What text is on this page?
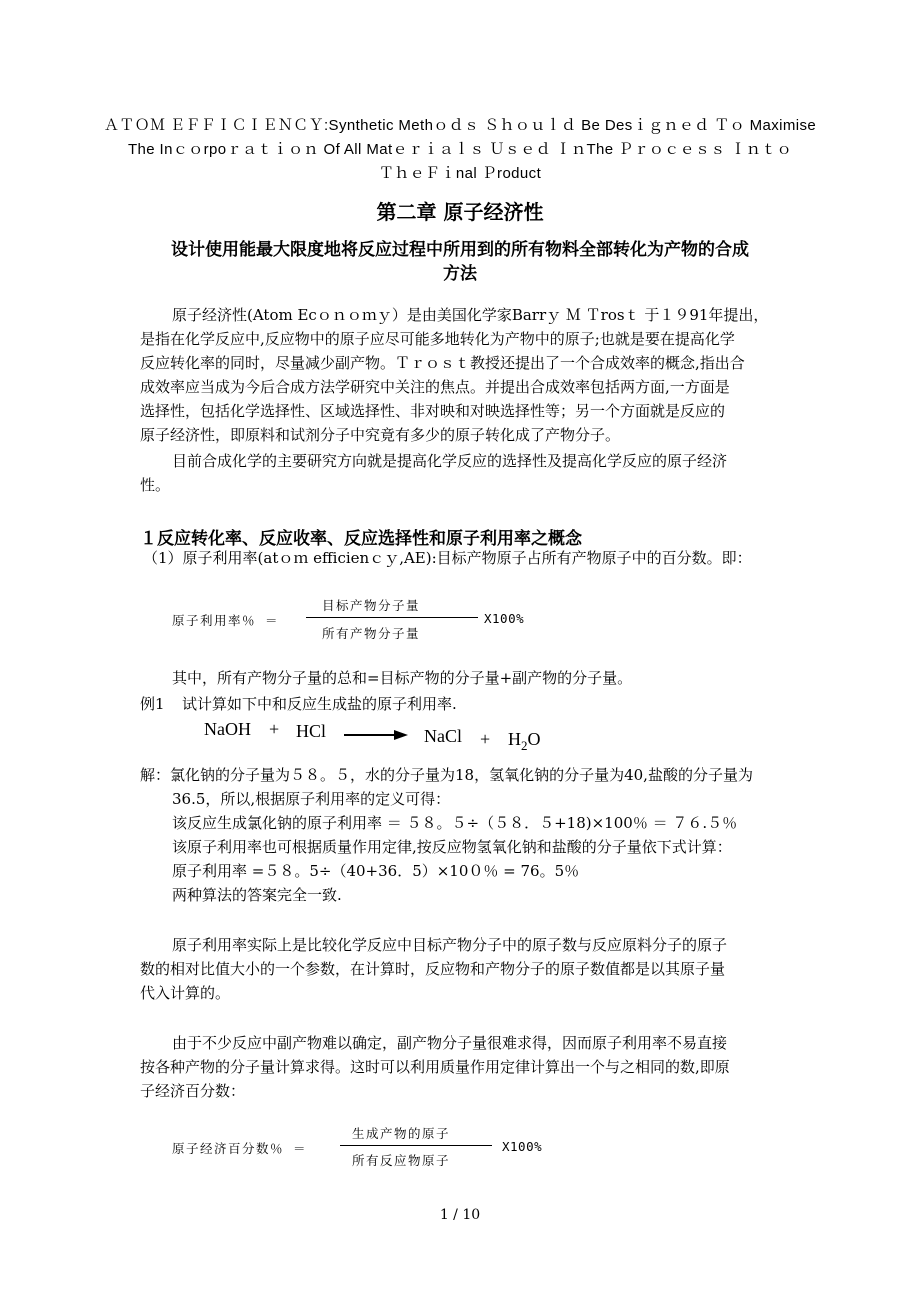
ＡＴＯＭ ＥＦＦＩＣＩＥＮＣＹ:Synthetic Methｏｄｓ Ｓｈｏｕｌｄ Be Desｉｇｎｅｄ Ｔｏ Maximise
The Inｃｏrpoｒａｔｉｏｎ Of All Matｅｒｉａｌｓ Ｕｓｅｄ ＩｎThe Ｐｒｏｃｅｓｓ Ｉｎｔｏ
ＴｈｅＦｉnal Ｐroduct
第二章 原子经济性
设计使用能最大限度地将反应过程中所用到的所有物料全部转化为产物的合成
方法
原子经济性(Atom Ecｏｎｏｍｙ）是由美国化学家Barrｙ Ｍ Ｔrosｔ 于１９91年提出，
是指在化学反应中,反应物中的原子应尽可能多地转化为产物中的原子;也就是要在提高化学
反应转化率的同时，尽量减少副产物。Ｔｒｏｓｔ教授还提出了一个合成效率的概念,指出合
成效率应当成为今后合成方法学研究中关注的焦点。并提出合成效率包括两方面,一方面是
选择性，包括化学选择性、区域选择性、非对映和对映选择性等；另一个方面就是反应的
原子经济性，即原料和试剂分子中究竟有多少的原子转化成了产物分子。
目前合成化学的主要研究方向就是提高化学反应的选择性及提高化学反应的原子经济
性。
１反应转化率、反应收率、反应选择性和原子利用率之概念
（1）原子利用率(atｏｍ efficienｃｙ,AE):目标产物原子占所有产物原子中的百分数。即：
原子利用率％ ＝
目标产物分子量
所有产物分子量
X100%
其中，所有产物分子量的总和=目标产物的分子量+副产物的分子量。
例1 试计算如下中和反应生成盐的原子利用率.
NaOH + HCl → NaCl + $H_2O$
解：氯化钠的分子量为５８。５，水的分子量为18，氢氧化钠的分子量为40,盐酸的分子量为
36.5，所以,根据原子利用率的定义可得：
该反应生成氯化钠的原子利用率 ＝ ５８。５÷（５８．５+18)×100％ ＝ ７６.５％
该原子利用率也可根据质量作用定律,按反应物氢氧化钠和盐酸的分子量依下式计算：
原子利用率 =５８。5÷（40+36．5）×10０％ = 76。5％
两种算法的答案完全一致.
原子利用率实际上是比较化学反应中目标产物分子中的原子数与反应原料分子的原子
数的相对比值大小的一个参数，在计算时，反应物和产物分子的原子数值都是以其原子量
代入计算的。
由于不少反应中副产物难以确定，副产物分子量很难求得，因而原子利用率不易直接
按各种产物的分子量计算求得。这时可以利用质量作用定律计算出一个与之相同的数,即原
子经济百分数：
原子经济百分数％ ＝
生成产物的原子
所有反应物原子
X100%
1 / 10
